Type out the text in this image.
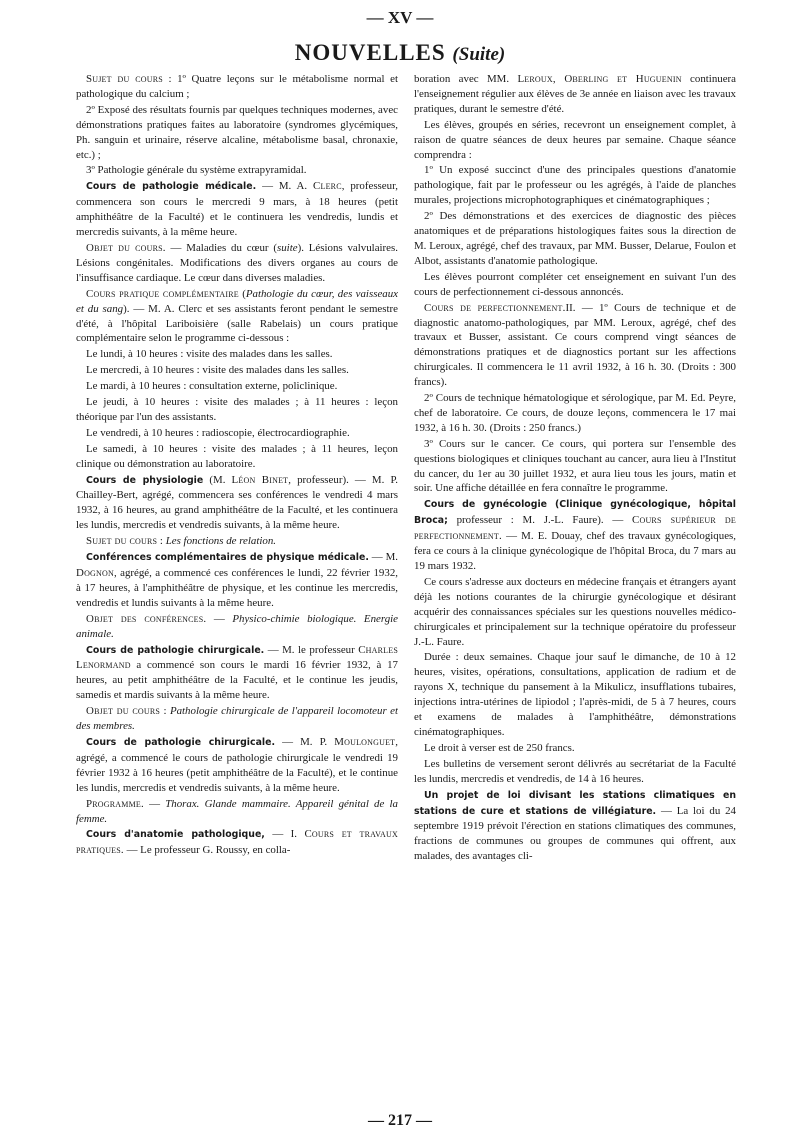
— XV —
NOUVELLES (Suite)

Sujet du cours : 1º Quatre leçons sur le métabolisme normal et pathologique du calcium ;

2º Exposé des résultats fournis par quelques techniques modernes, avec démonstrations pratiques faites au laboratoire (syndromes glycémiques, Ph. sanguin et urinaire, réserve alcaline, métabolisme basal, chronaxie, etc.) ;

3º Pathologie générale du système extrapyramidal.

Cours de pathologie médicale. — M. A. Clerc, professeur, commencera son cours le mercredi 9 mars, à 18 heures (petit amphithéâtre de la Faculté) et le continuera les vendredis, lundis et mercredis suivants, à la même heure.

Objet du cours. — Maladies du cœur (suite). Lésions valvulaires. Lésions congénitales. Modifications des divers organes au cours de l'insuffisance cardiaque. Le cœur dans diverses maladies.

Cours pratique complémentaire (Pathologie du cœur, des vaisseaux et du sang). — M. A. Clerc et ses assistants feront pendant le semestre d'été, à l'hôpital Lariboisière (salle Rabelais) un cours pratique complémentaire selon le programme ci-dessous :

Le lundi, à 10 heures : visite des malades dans les salles.

Le mercredi, à 10 heures : visite des malades dans les salles.

Le mardi, à 10 heures : consultation externe, policlinique.

Le jeudi, à 10 heures : visite des malades ; à 11 heures : leçon théorique par l'un des assistants.

Le vendredi, à 10 heures : radioscopie, électrocardiographie.

Le samedi, à 10 heures : visite des malades ; à 11 heures, leçon clinique ou démonstration au laboratoire.

Cours de physiologie (M. Léon Binet, professeur). — M. P. Chailley-Bert, agrégé, commencera ses conférences le vendredi 4 mars 1932, à 16 heures, au grand amphithéâtre de la Faculté, et les continuera les lundis, mercredis et vendredis suivants, à la même heure.

Sujet du cours : Les fonctions de relation.

Conférences complémentaires de physique médicale. — M. Dognon, agrégé, a commencé ces conférences le lundi, 22 février 1932, à 17 heures, à l'amphithéâtre de physique, et les continue les mercredis, vendredis et lundis suivants à la même heure.

Objet des conférences. — Physico-chimie biologique. Energie animale.

Cours de pathologie chirurgicale. — M. le professeur Charles Lenormand a commencé son cours le mardi 16 février 1932, à 17 heures, au petit amphithéâtre de la Faculté, et le continue les jeudis, samedis et mardis suivants à la même heure.

Objet du cours : Pathologie chirurgicale de l'appareil locomoteur et des membres.

Cours de pathologie chirurgicale. — M. P. Moulonguet, agrégé, a commencé le cours de pathologie chirurgicale le vendredi 19 février 1932 à 16 heures (petit amphithéâtre de la Faculté), et le continue les lundis, mercredis et vendredis suivants, à la même heure.

Programme. — Thorax. Glande mammaire. Appareil génital de la femme.

Cours d'anatomie pathologique, — I. Cours et travaux pratiques. — Le professeur G. Roussy, en colla-

boration avec MM. Leroux, Oberling et Huguenin continuera l'enseignement régulier aux élèves de 3e année en liaison avec les travaux pratiques, durant le semestre d'été.

Les élèves, groupés en séries, recevront un enseignement complet, à raison de quatre séances de deux heures par semaine. Chaque séance comprendra :

1º Un exposé succinct d'une des principales questions d'anatomie pathologique, fait par le professeur ou les agrégés, à l'aide de planches murales, projections microphotographiques et cinématographiques ;

2º Des démonstrations et des exercices de diagnostic des pièces anatomiques et de préparations histologiques faites sous la direction de M. Leroux, agrégé, chef des travaux, par MM. Busser, Delarue, Foulon et Albot, assistants d'anatomie pathologique.

Les élèves pourront compléter cet enseignement en suivant l'un des cours de perfectionnement ci-dessous annoncés.

Cours de perfectionnement.II. — 1º Cours de technique et de diagnostic anatomo-pathologiques, par MM. Leroux, agrégé, chef des travaux et Busser, assistant. Ce cours comprend vingt séances de démonstrations pratiques et de diagnostics portant sur les affections chirurgicales. Il commencera le 11 avril 1932, à 16 h. 30. (Droits : 300 francs).

2º Cours de technique hématologique et sérologique, par M. Ed. Peyre, chef de laboratoire. Ce cours, de douze leçons, commencera le 17 mai 1932, à 16 h. 30. (Droits : 250 francs.)

3º Cours sur le cancer. Ce cours, qui portera sur l'ensemble des questions biologiques et cliniques touchant au cancer, aura lieu à l'Institut du cancer, du 1er au 30 juillet 1932, et aura lieu tous les jours, matin et soir. Une affiche détaillée en fera connaître le programme.

Cours de gynécologie (Clinique gynécologique, hôpital Broca; professeur : M. J.-L. Faure). — Cours supérieur de perfectionnement. — M. E. Douay, chef des travaux gynécologiques, fera ce cours à la clinique gynécologique de l'hôpital Broca, du 7 mars au 19 mars 1932.

Ce cours s'adresse aux docteurs en médecine français et étrangers ayant déjà les notions courantes de la chirurgie gynécologique et désirant acquérir des connaissances spéciales sur les questions nouvelles médico-chirurgicales et principalement sur la technique opératoire du professeur J.-L. Faure.

Durée : deux semaines. Chaque jour sauf le dimanche, de 10 à 12 heures, visites, opérations, consultations, application de radium et de rayons X, technique du pansement à la Mikulicz, insufflations tubaires, injections intra-utérines de lipiodol ; l'après-midi, de 5 à 7 heures, cours et examens de malades à l'amphithéâtre, démonstrations cinématographiques.

Le droit à verser est de 250 francs.

Les bulletins de versement seront délivrés au secrétariat de la Faculté les lundis, mercredis et vendredis, de 14 à 16 heures.

Un projet de loi divisant les stations climatiques en stations de cure et stations de villégiature. — La loi du 24 septembre 1919 prévoit l'érection en stations climatiques des communes, fractions de communes ou groupes de communes qui offrent, aux malades, des avantages cli-

— 217 —
